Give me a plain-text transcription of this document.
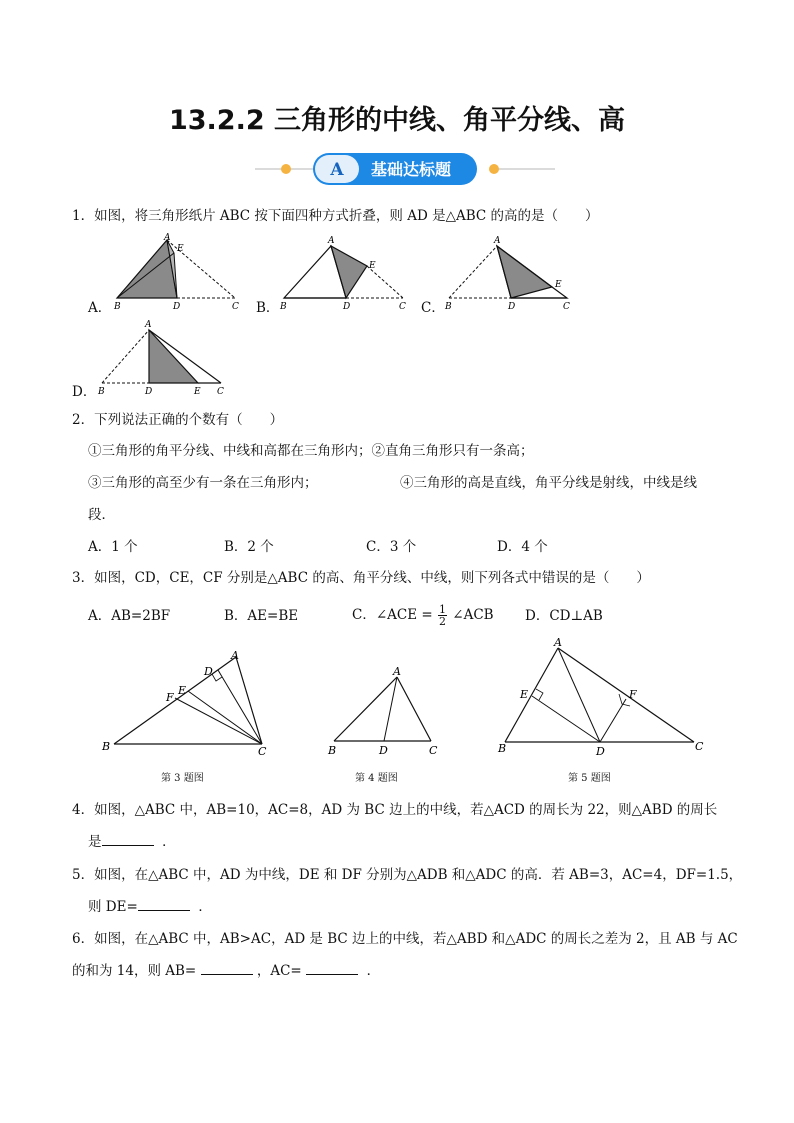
13.2.2 三角形的中线、角平分线、高
A 基础达标题
1．如图，将三角形纸片 ABC 按下面四种方式折叠，则 AD 是△ABC 的高的是（　　）
A．
A
E
B	D	C B．
A
E
B	D	C C．
A
E
B	D	C
D．
A
B	D	E C
2．下列说法正确的个数有（　　）
①三角形的角平分线、中线和高都在三角形内；②直角三角形只有一条高；
③三角形的高至少有一条在三角形内；	④三角形的高是直线，角平分线是射线，中线是线
段．
A．1 个	B．2 个	C．3 个	D．4 个
3．如图，CD，CE，CF 分别是△ABC 的高、角平分线、中线，则下列各式中错误的是（　　）
A．AB=2BF	B．AE=BE	C．∠ACE = $\frac{1}{2}$ ∠ACB D．CD⊥AB
A
D
E
F
B	C
第 3 题图
A
B	D	C
第 4 题图
A
E	F
B	D	C
第 5 题图
4．如图，△ABC 中，AB=10，AC=8，AD 为 BC 边上的中线，若△ACD 的周长为 22，则△ABD 的周长
是	．
5．如图，在△ABC 中，AD 为中线，DE 和 DF 分别为△ADB 和△ADC 的高．若 AB=3，AC=4，DF=1.5，
则 DE=	．
6．如图，在△ABC 中，AB>AC，AD 是 BC 边上的中线，若△ABD 和△ADC 的周长之差为 2，且 AB 与 AC
的和为 14，则 AB=	，AC=	．
